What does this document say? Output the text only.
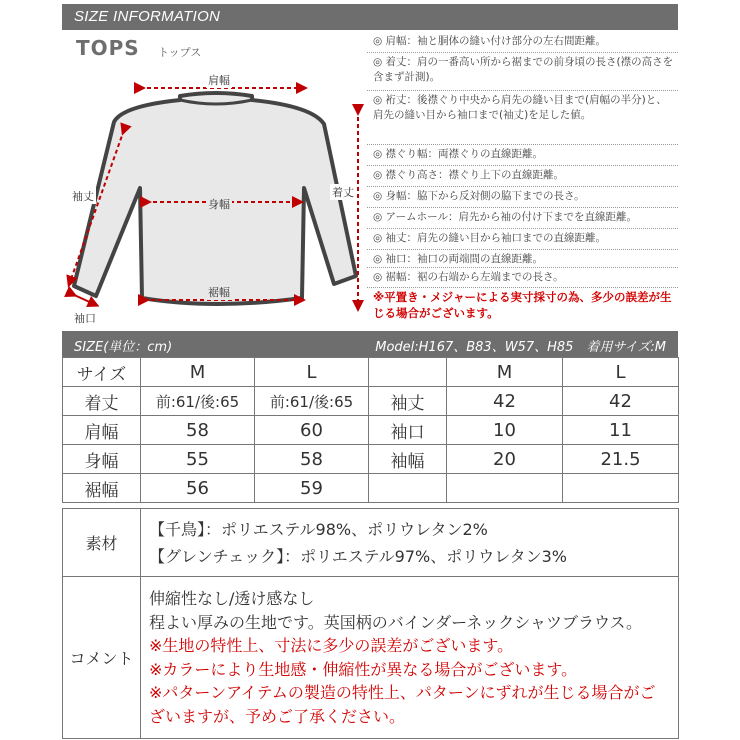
SIZE INFORMATION
TOPS トップス
肩幅
袖丈	着丈
身幅
裾幅
袖口
◎ 肩幅：袖と胴体の縫い付け部分の左右間距離。
◎ 着丈：肩の一番高い所から裾までの前身頃の長さ(襟の高さを含まず計測)。
◎ 裄丈：後襟ぐり中央から肩先の縫い目まで(肩幅の半分)と、肩先の縫い目から袖口まで(袖丈)を足した値。
◎ 襟ぐり幅：両襟ぐりの直線距離。
◎ 襟ぐり高さ：襟ぐり上下の直線距離。
◎ 身幅：脇下から反対側の脇下までの長さ。
◎ アームホール：肩先から袖の付け下までを直線距離。
◎ 袖丈：肩先の縫い目から袖口までの直線距離。
◎ 袖口：袖口の両端間の直線距離。
◎ 裾幅：裾の右端から左端までの長さ。
※平置き・メジャーによる実寸採寸の為、多少の誤差が生じる場合がございます。
SIZE(単位：cm)	Model:H167、B83、W57、H85　 着用サイズ:M
サイズ	M	L		M	L
着丈	前:61/後:65	前:61/後:65	袖丈	42	42
肩幅	58	60	袖口	10	11
身幅	55	58	袖幅	20	21.5
裾幅	56	59			
素材	【千鳥】：ポリエステル98%、ポリウレタン2%
【グレンチェック】：ポリエステル97%、ポリウレタン3%

コメント	伸縮性なし/透け感なし
程よい厚みの生地です。英国柄のバインダーネックシャツブラウス。
※生地の特性上、寸法に多少の誤差がございます。
※カラーにより生地感・伸縮性が異なる場合がございます。
※パターンアイテムの製造の特性上、パターンにずれが生じる場合がございますが、予めご了承ください。
